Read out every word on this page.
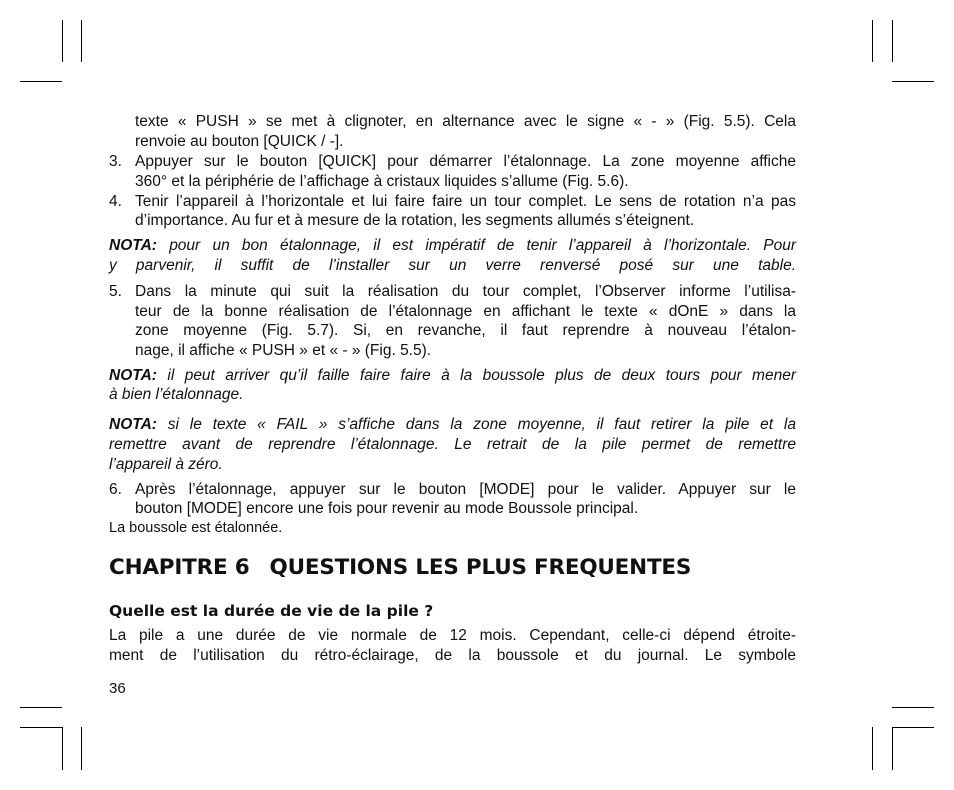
texte « PUSH » se met à clignoter, en alternance avec le signe « - » (Fig. 5.5). Cela
renvoie au bouton [QUICK / -].
3. Appuyer sur le bouton [QUICK] pour démarrer l’étalonnage. La zone moyenne affiche
360° et la périphérie de l’affichage à cristaux liquides s’allume (Fig. 5.6).
4. Tenir l’appareil à l’horizontale et lui faire faire un tour complet. Le sens de rotation n’a pas
d’importance. Au fur et à mesure de la rotation, les segments allumés s’éteignent.
NOTA: pour un bon étalonnage, il est impératif de tenir l’appareil à l’horizontale. Pour
y parvenir, il suffit de l’installer sur un verre renversé posé sur une table.
5. Dans la minute qui suit la réalisation du tour complet, l’Observer informe l’utilisa-
teur de la bonne réalisation de l’étalonnage en affichant le texte « dOnE » dans la
zone moyenne (Fig. 5.7). Si, en revanche, il faut reprendre à nouveau l’étalon-
nage, il affiche « PUSH » et « - » (Fig. 5.5).
NOTA: il peut arriver qu’il faille faire faire à la boussole plus de deux tours pour mener
à bien l’étalonnage.
NOTA: si le texte « FAIL » s’affiche dans la zone moyenne, il faut retirer la pile et la
remettre avant de reprendre l’étalonnage. Le retrait de la pile permet de remettre
l’appareil à zéro.
6. Après l’étalonnage, appuyer sur le bouton [MODE] pour le valider. Appuyer sur le
bouton [MODE] encore une fois pour revenir au mode Boussole principal.
La boussole est étalonnée.
CHAPITRE 6 QUESTIONS LES PLUS FREQUENTES
Quelle est la durée de vie de la pile ?
La pile a une durée de vie normale de 12 mois. Cependant, celle-ci dépend étroite-
ment de l’utilisation du rétro-éclairage, de la boussole et du journal. Le symbole
36
